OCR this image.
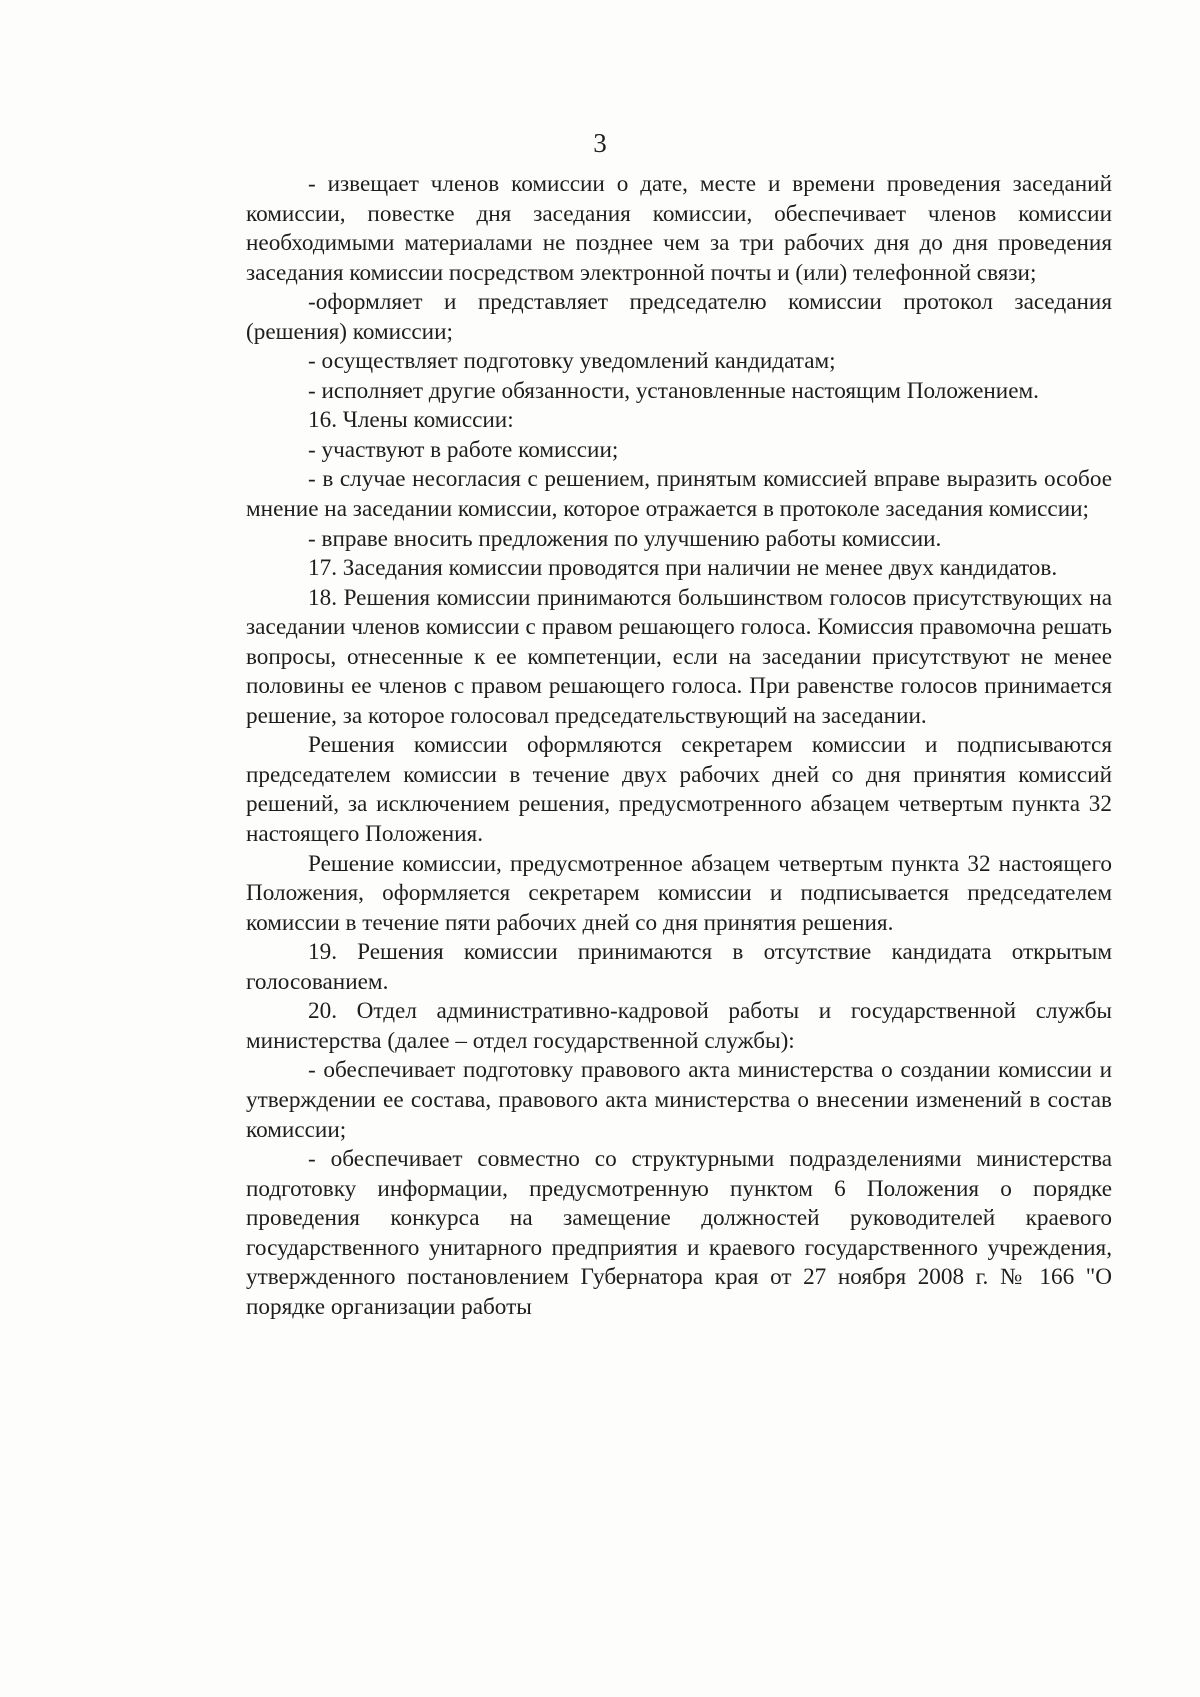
3

- извещает членов комиссии о дате, месте и времени проведения заседаний комиссии, повестке дня заседания комиссии, обеспечивает членов комиссии необходимыми материалами не позднее чем за три рабочих дня до дня проведения заседания комиссии посредством электронной почты и (или) телефонной связи;

-оформляет и представляет председателю комиссии протокол заседания (решения) комиссии;

- осуществляет подготовку уведомлений кандидатам;

- исполняет другие обязанности, установленные настоящим Положением.

16. Члены комиссии:

- участвуют в работе комиссии;

- в случае несогласия с решением, принятым комиссией вправе выразить особое мнение на заседании комиссии, которое отражается в протоколе заседания комиссии;

- вправе вносить предложения по улучшению работы комиссии.

17. Заседания комиссии проводятся при наличии не менее двух кандидатов.

18. Решения комиссии принимаются большинством голосов присутствующих на заседании членов комиссии с правом решающего голоса. Комиссия правомочна решать вопросы, отнесенные к ее компетенции, если на заседании присутствуют не менее половины ее членов с правом решающего голоса. При равенстве голосов принимается решение, за которое голосовал председательствующий на заседании.

Решения комиссии оформляются секретарем комиссии и подписываются председателем комиссии в течение двух рабочих дней со дня принятия комиссий решений, за исключением решения, предусмотренного абзацем четвертым пункта 32 настоящего Положения.

Решение комиссии, предусмотренное абзацем четвертым пункта 32 настоящего Положения, оформляется секретарем комиссии и подписывается председателем комиссии в течение пяти рабочих дней со дня принятия решения.

19. Решения комиссии принимаются в отсутствие кандидата открытым голосованием.

20. Отдел административно-кадровой работы и государственной службы министерства (далее – отдел государственной службы):

- обеспечивает подготовку правового акта министерства о создании комиссии и утверждении ее состава, правового акта министерства о внесении изменений в состав комиссии;

- обеспечивает совместно со структурными подразделениями министерства подготовку информации, предусмотренную пунктом 6 Положения о порядке проведения конкурса на замещение должностей руководителей краевого государственного унитарного предприятия и краевого государственного учреждения, утвержденного постановлением Губернатора края от 27 ноября 2008 г. № 166 "О порядке организации работы
